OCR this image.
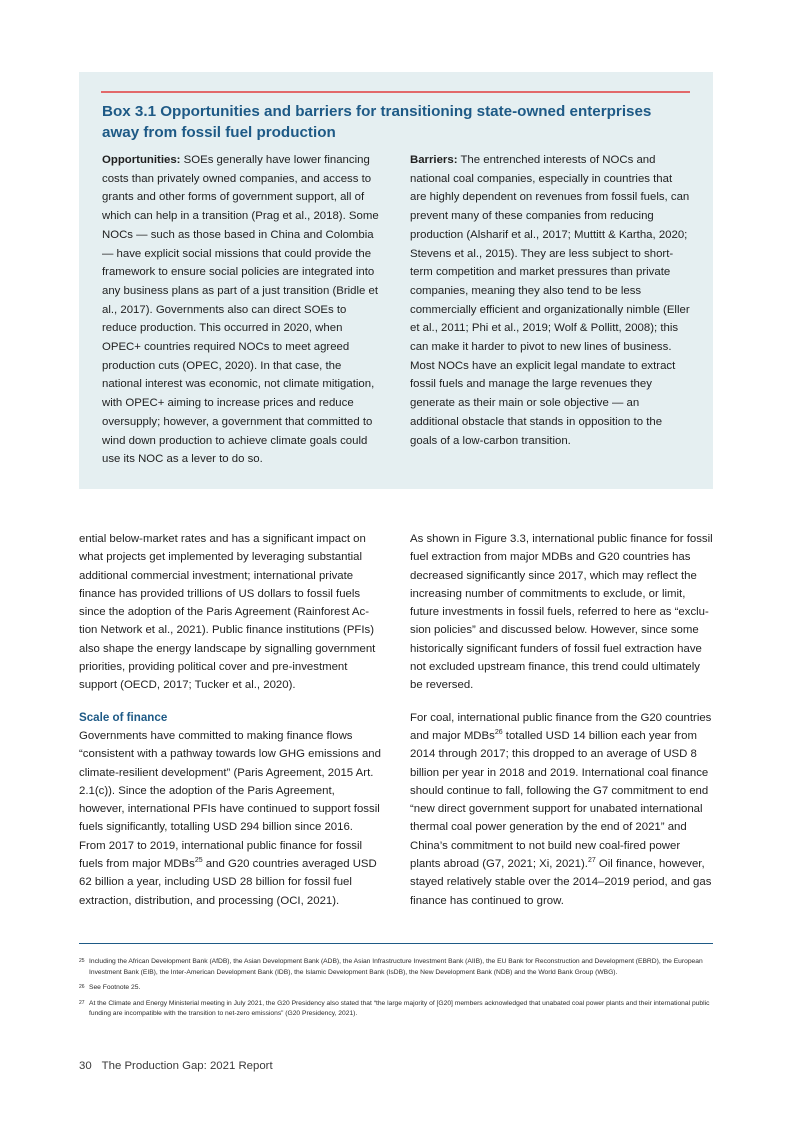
Box 3.1 Opportunities and barriers for transitioning state-owned enterprises away from fossil fuel production

Opportunities: SOEs generally have lower financing costs than privately owned companies, and access to grants and other forms of government support, all of which can help in a transition (Prag et al., 2018). Some NOCs — such as those based in China and Colombia — have explicit social missions that could provide the framework to ensure social policies are integrated into any business plans as part of a just transition (Bridle et al., 2017). Governments also can direct SOEs to reduce production. This occurred in 2020, when OPEC+ countries required NOCs to meet agreed production cuts (OPEC, 2020). In that case, the national interest was economic, not climate mitigation, with OPEC+ aiming to increase prices and reduce oversupply; however, a government that committed to wind down production to achieve climate goals could use its NOC as a lever to do so.

Barriers: The entrenched interests of NOCs and national coal companies, especially in countries that are highly dependent on revenues from fossil fuels, can prevent many of these companies from reducing production (Alsharif et al., 2017; Muttitt & Kartha, 2020; Stevens et al., 2015). They are less subject to short-term competition and market pressures than private companies, meaning they also tend to be less commercially efficient and organizationally nimble (Eller et al., 2011; Phi et al., 2019; Wolf & Pollitt, 2008); this can make it harder to pivot to new lines of business. Most NOCs have an explicit legal mandate to extract fossil fuels and manage the large revenues they generate as their main or sole objective — an additional obstacle that stands in opposition to the goals of a low-carbon transition.

ential below-market rates and has a significant impact on what projects get implemented by leveraging substantial additional commercial investment; international private finance has provided trillions of US dollars to fossil fuels since the adoption of the Paris Agreement (Rainforest Action Network et al., 2021). Public finance institutions (PFIs) also shape the energy landscape by signalling government priorities, providing political cover and pre-investment support (OECD, 2017; Tucker et al., 2020).

Scale of finance
Governments have committed to making finance flows “consistent with a pathway towards low GHG emissions and climate-resilient development” (Paris Agreement, 2015 Art. 2.1(c)). Since the adoption of the Paris Agreement, however, international PFIs have continued to support fossil fuels significantly, totalling USD 294 billion since 2016. From 2017 to 2019, international public finance for fossil fuels from major MDBs$^{25}$ and G20 countries averaged USD 62 billion a year, including USD 28 billion for fossil fuel extraction, distribution, and processing (OCI, 2021).

As shown in Figure 3.3, international public finance for fossil fuel extraction from major MDBs and G20 countries has decreased significantly since 2017, which may reflect the increasing number of commitments to exclude, or limit, future investments in fossil fuels, referred to here as “exclusion policies” and discussed below. However, since some historically significant funders of fossil fuel extraction have not excluded upstream finance, this trend could ultimately be reversed.

For coal, international public finance from the G20 countries and major MDBs$^{26}$ totalled USD 14 billion each year from 2014 through 2017; this dropped to an average of USD 8 billion per year in 2018 and 2019. International coal finance should continue to fall, following the G7 commitment to end “new direct government support for unabated international thermal coal power generation by the end of 2021” and China’s commitment to not build new coal-fired power plants abroad (G7, 2021; Xi, 2021).$^{27}$ Oil finance, however, stayed relatively stable over the 2014–2019 period, and gas finance has continued to grow.

25 Including the African Development Bank (AfDB), the Asian Development Bank (ADB), the Asian Infrastructure Investment Bank (AIIB), the EU Bank for Reconstruction and Development (EBRD), the European Investment Bank (EIB), the Inter-American Development Bank (IDB), the Islamic Development Bank (IsDB), the New Development Bank (NDB) and the World Bank Group (WBG).
26 See Footnote 25.
27 At the Climate and Energy Ministerial meeting in July 2021, the G20 Presidency also stated that “the large majority of [G20] members acknowledged that unabated coal power plants and their international public funding are incompatible with the transition to net-zero emissions” (G20 Presidency, 2021).
30 The Production Gap: 2021 Report
